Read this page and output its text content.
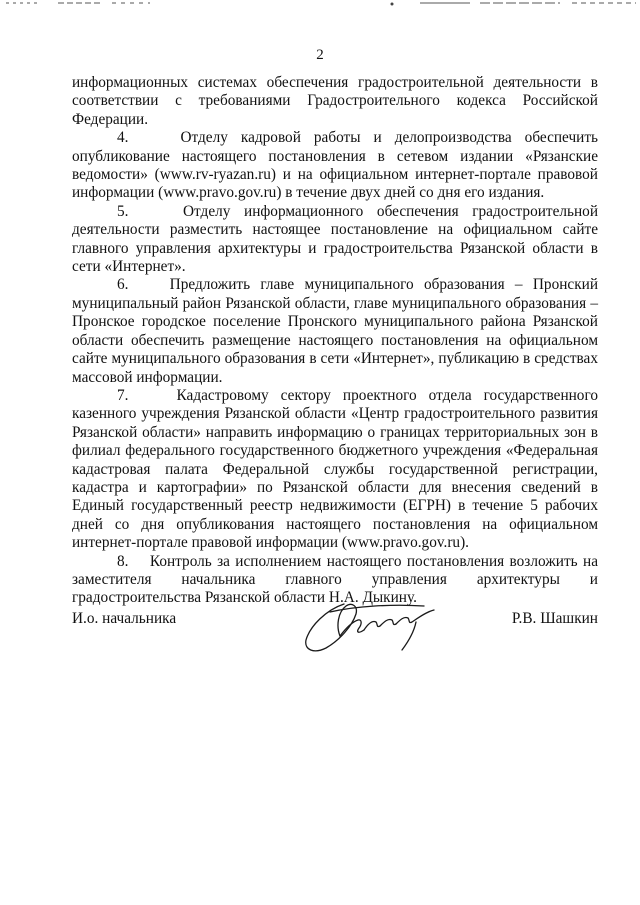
2

информационных системах обеспечения градостроительной деятельности в соответствии с требованиями Градостроительного кодекса Российской Федерации.

4.	Отделу кадровой работы и делопроизводства обеспечить опубликование настоящего постановления в сетевом издании «Рязанские ведомости» (www.rv-ryazan.ru) и на официальном интернет-портале правовой информации (www.pravo.gov.ru) в течение двух дней со дня его издания.

5.	Отделу информационного обеспечения градостроительной деятельности разместить настоящее постановление на официальном сайте главного управления архитектуры и градостроительства Рязанской области в сети «Интернет».

6.	Предложить главе муниципального образования – Пронский муниципальный район Рязанской области, главе муниципального образования – Пронское городское поселение Пронского муниципального района Рязанской области обеспечить размещение настоящего постановления на официальном сайте муниципального образования в сети «Интернет», публикацию в средствах массовой информации.

7.	Кадастровому сектору проектного отдела государственного казенного учреждения Рязанской области «Центр градостроительного развития Рязанской области» направить информацию о границах территориальных зон в филиал федерального государственного бюджетного учреждения «Федеральная кадастровая палата Федеральной службы государственной регистрации, кадастра и картографии» по Рязанской области для внесения сведений в Единый государственный реестр недвижимости (ЕГРН) в течение 5 рабочих дней со дня опубликования настоящего постановления на официальном интернет-портале правовой информации (www.pravo.gov.ru).

8. Контроль за исполнением настоящего постановления возложить на заместителя начальника главного управления архитектуры и градостроительства Рязанской области Н.А. Дыкину.

И.о. начальника	Р.В. Шашкин
